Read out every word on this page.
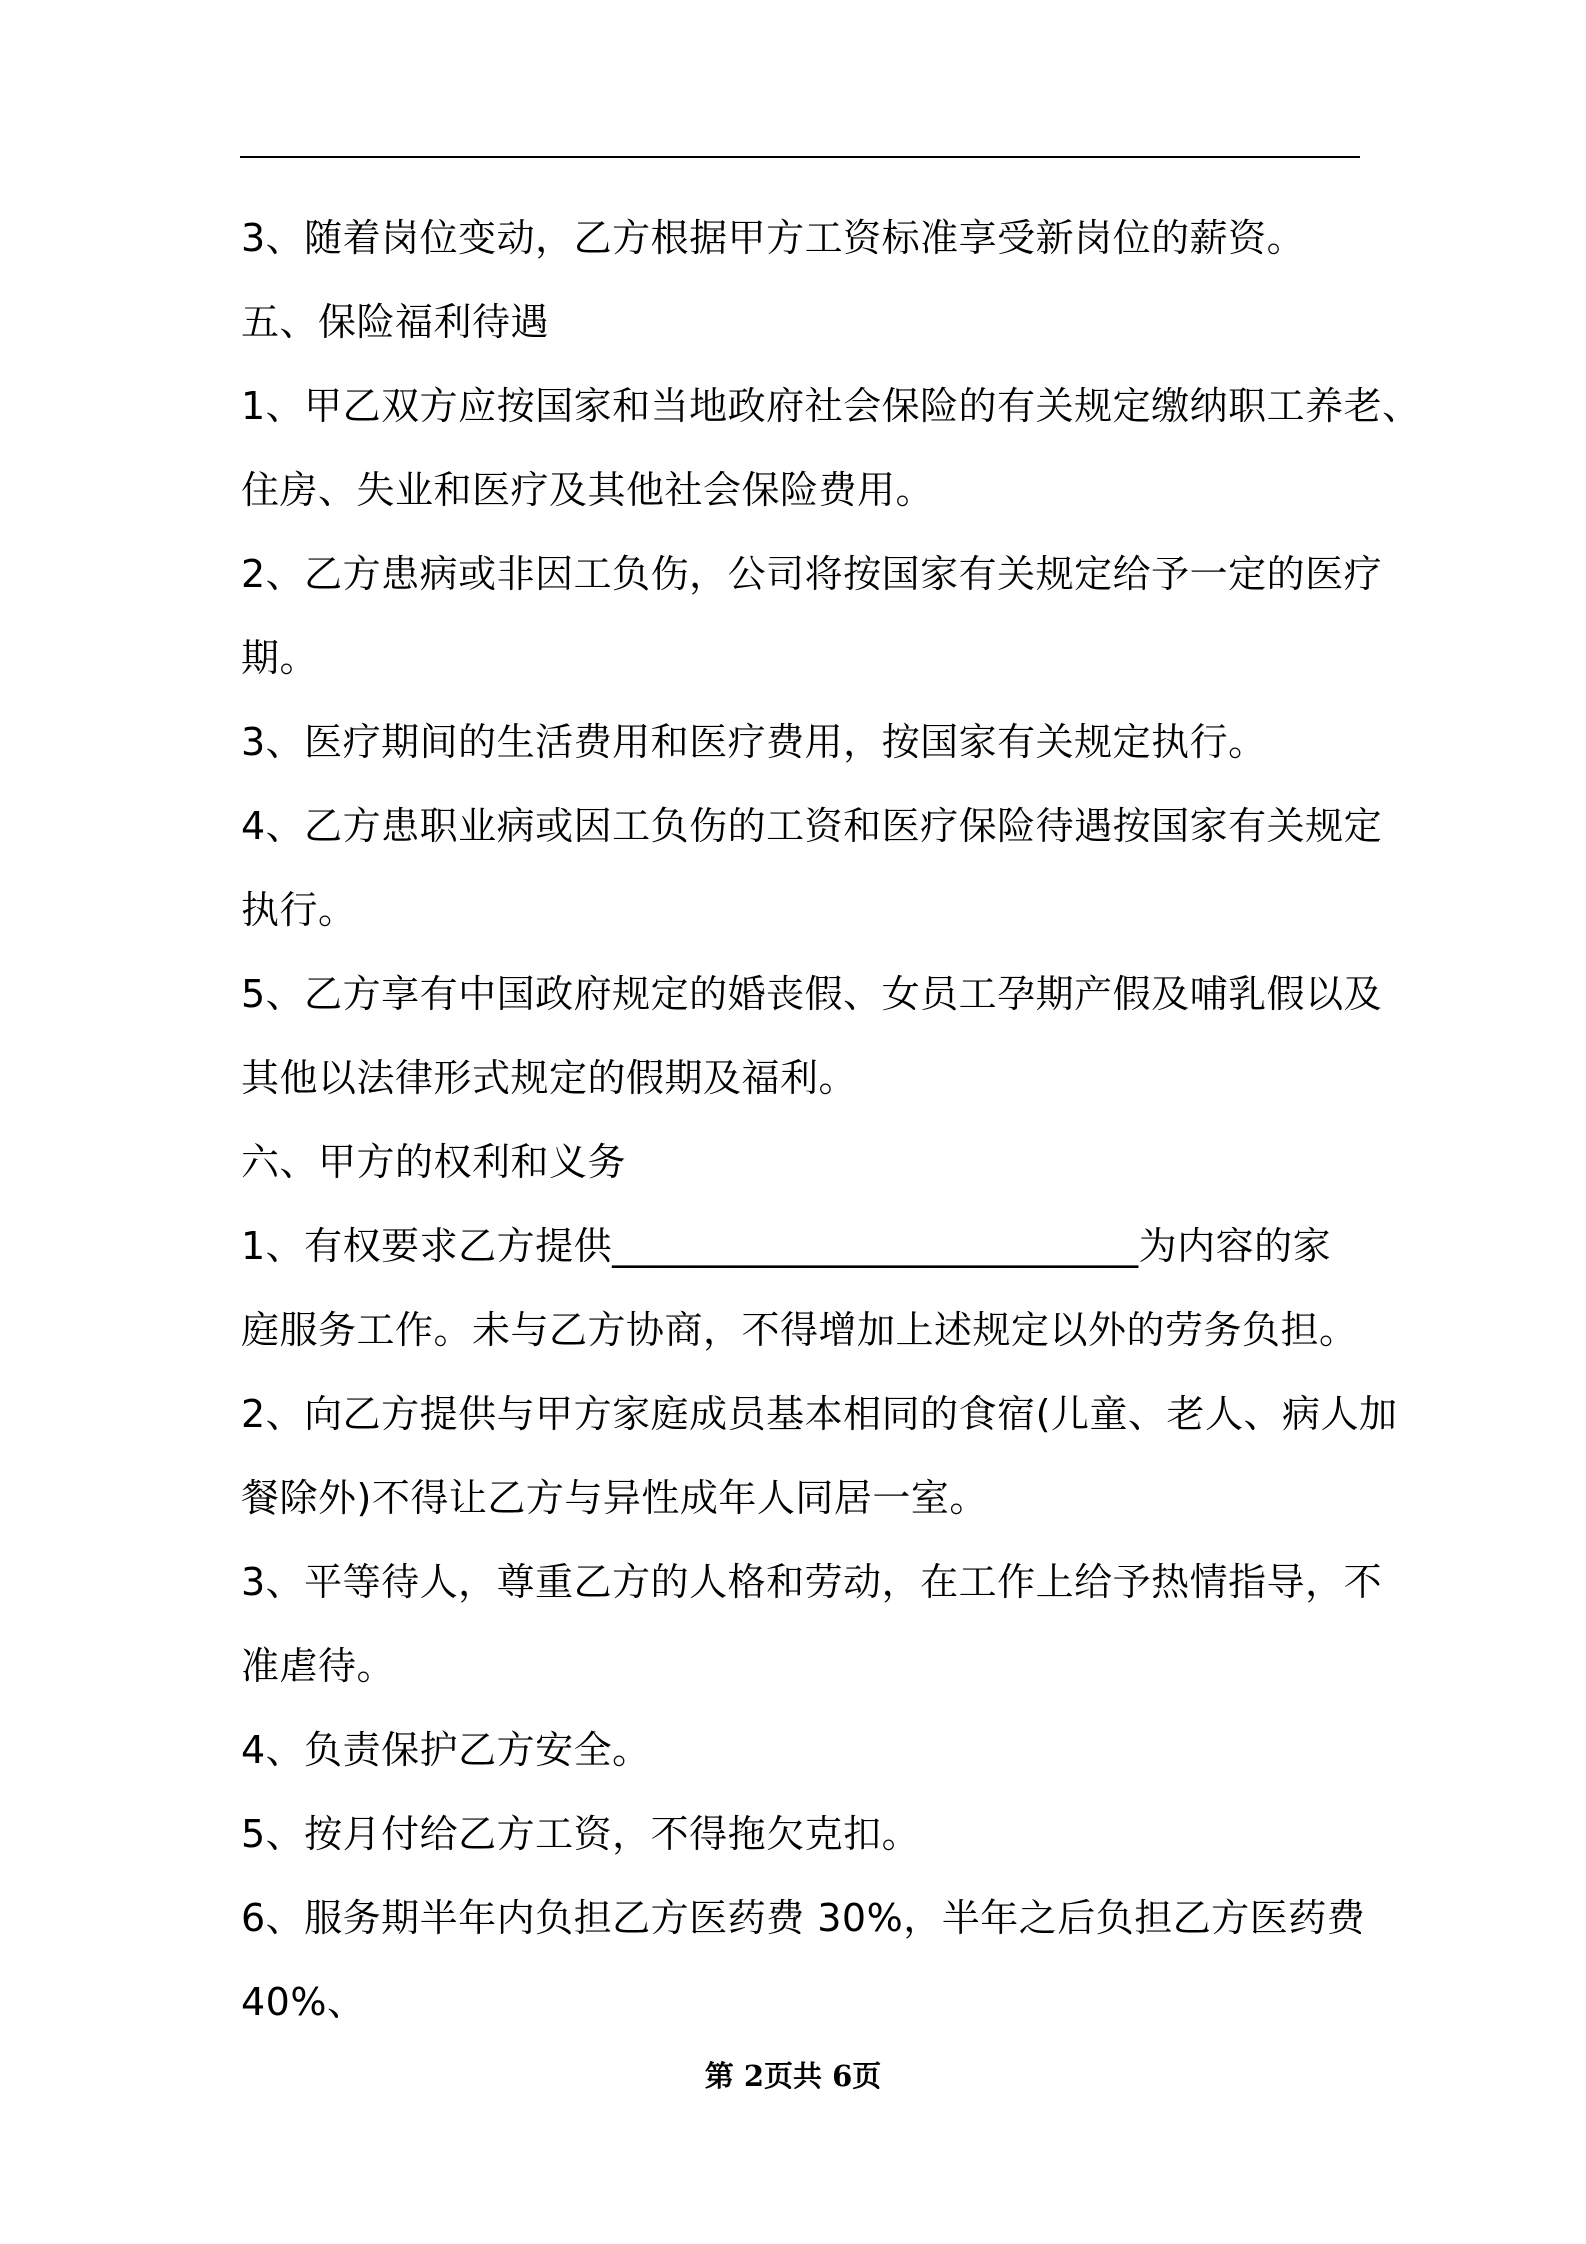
3、随着岗位变动，乙方根据甲方工资标准享受新岗位的薪资。
五、保险福利待遇
1、甲乙双方应按国家和当地政府社会保险的有关规定缴纳职工养老、
住房、失业和医疗及其他社会保险费用。
2、乙方患病或非因工负伤，公司将按国家有关规定给予一定的医疗
期。
3、医疗期间的生活费用和医疗费用，按国家有关规定执行。
4、乙方患职业病或因工负伤的工资和医疗保险待遇按国家有关规定
执行。
5、乙方享有中国政府规定的婚丧假、女员工孕期产假及哺乳假以及
其他以法律形式规定的假期及福利。
六、甲方的权利和义务
1、有权要求乙方提供___________________________为内容的家
庭服务工作。未与乙方协商，不得增加上述规定以外的劳务负担。
2、向乙方提供与甲方家庭成员基本相同的食宿(儿童、老人、病人加
餐除外)不得让乙方与异性成年人同居一室。
3、平等待人，尊重乙方的人格和劳动，在工作上给予热情指导，不
准虐待。
4、负责保护乙方安全。
5、按月付给乙方工资，不得拖欠克扣。
6、服务期半年内负担乙方医药费 30%，半年之后负担乙方医药费
40%、
第 2页共 6页
